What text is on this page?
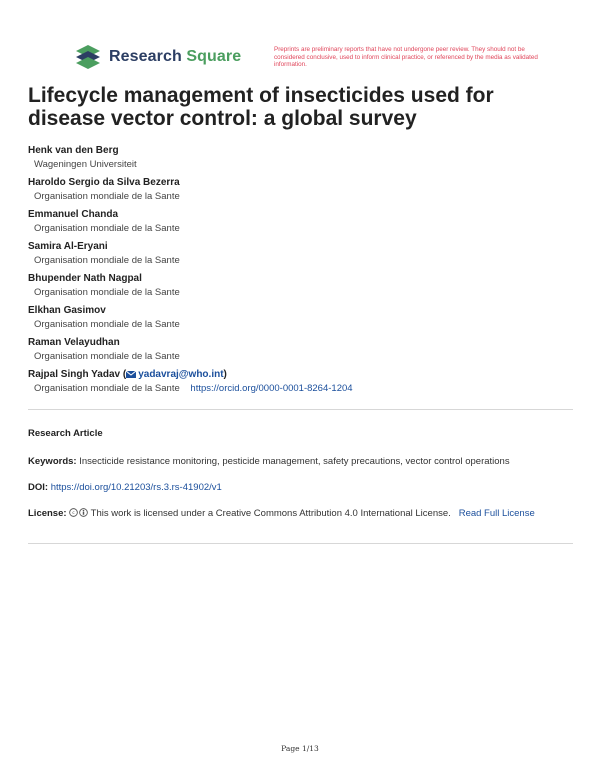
Research Square	Preprints are preliminary reports that have not undergone peer review. They should not be considered conclusive, used to inform clinical practice, or referenced by the media as validated information.
Lifecycle management of insecticides used for disease vector control: a global survey
Henk van den Berg
Wageningen Universiteit
Haroldo Sergio da Silva Bezerra
Organisation mondiale de la Sante
Emmanuel Chanda
Organisation mondiale de la Sante
Samira Al-Eryani
Organisation mondiale de la Sante
Bhupender Nath Nagpal
Organisation mondiale de la Sante
Elkhan Gasimov
Organisation mondiale de la Sante
Raman Velayudhan
Organisation mondiale de la Sante
Rajpal Singh Yadav ( yadavraj@who.int)
Organisation mondiale de la Sante https://orcid.org/0000-0001-8264-1204
Research Article
Keywords: Insecticide resistance monitoring, pesticide management, safety precautions, vector control operations
DOI: https://doi.org/10.21203/rs.3.rs-41902/v1
License: c This work is licensed under a Creative Commons Attribution 4.0 International License. Read Full License
Page 1/13
